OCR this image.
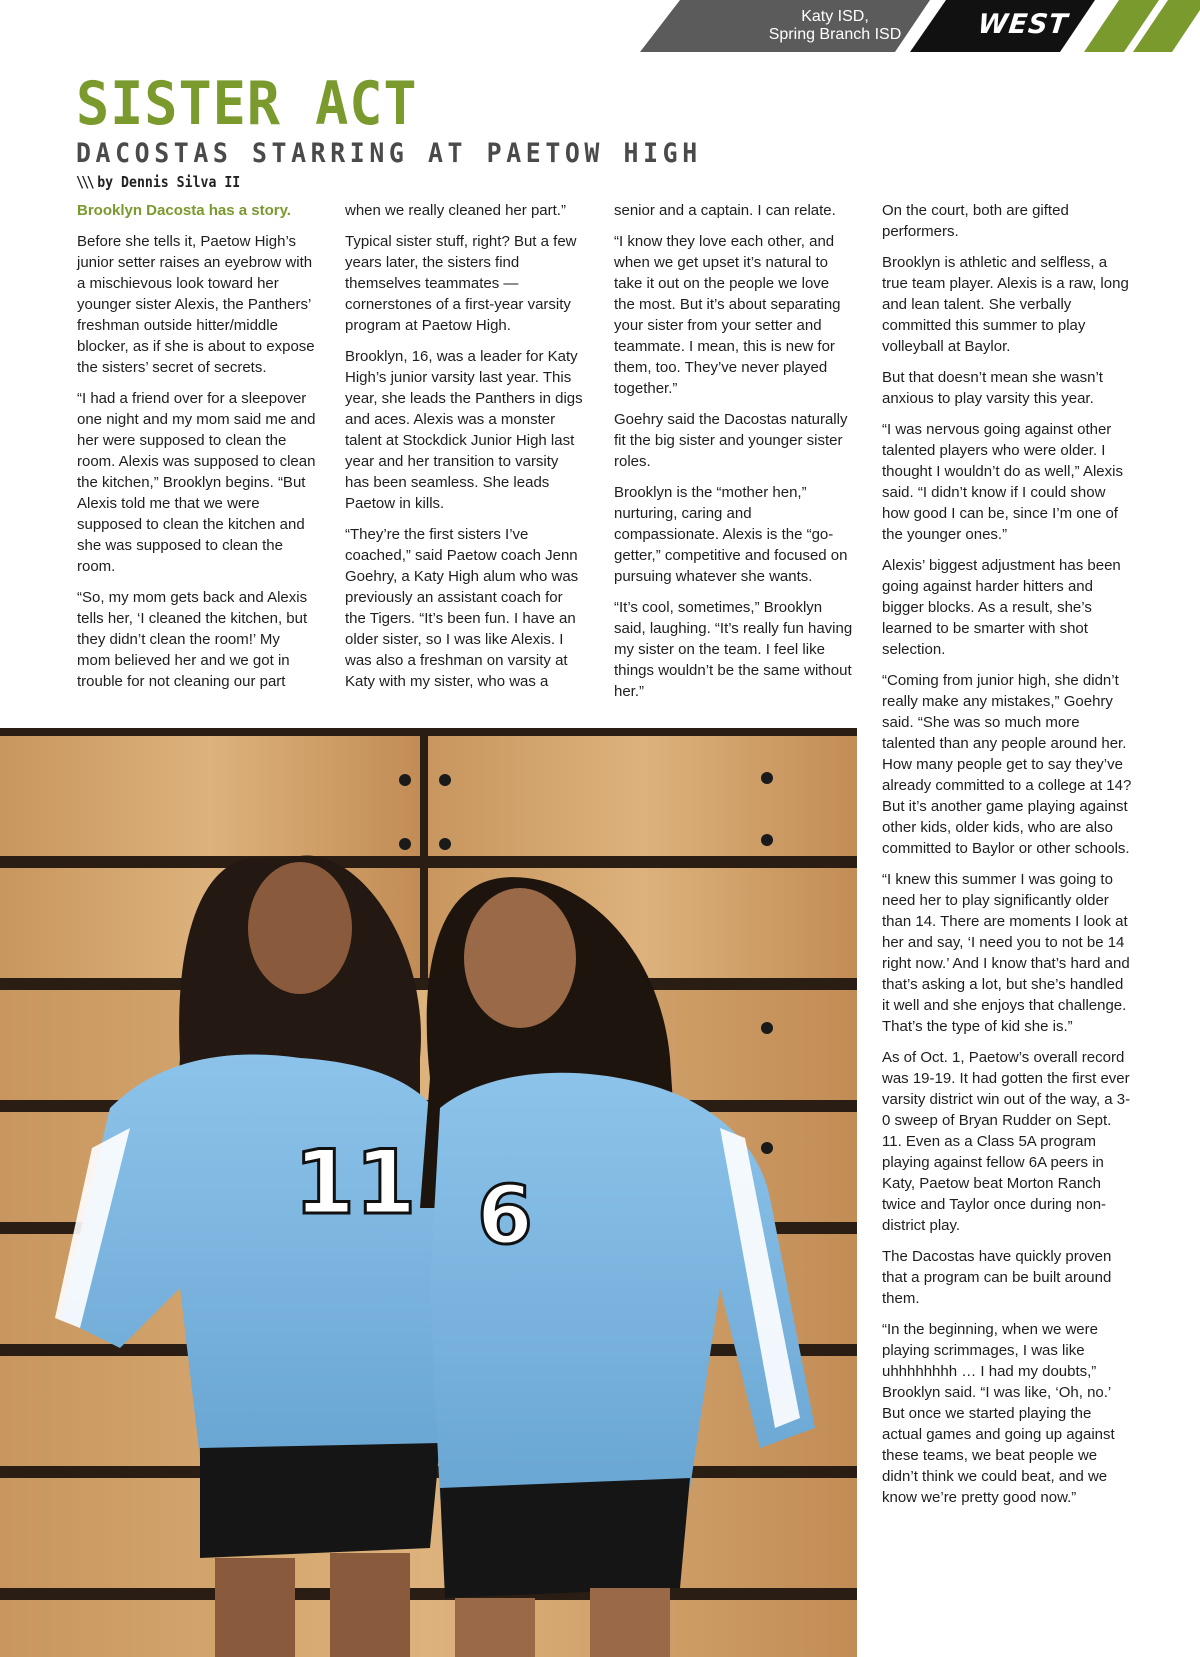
Katy ISD,
Spring Branch ISD	WEST
SISTER ACT
DACOSTAS STARRING AT PAETOW HIGH
\\\ by Dennis Silva II

Brooklyn Dacosta has a story.

Before she tells it, Paetow High’s junior setter raises an eyebrow with a mischievous look toward her younger sister Alexis, the Panthers’ freshman outside hitter/middle blocker, as if she is about to expose the sisters’ secret of secrets.

“I had a friend over for a sleepover one night and my mom said me and her were supposed to clean the room. Alexis was supposed to clean the kitchen,” Brooklyn begins. “But Alexis told me that we were supposed to clean the kitchen and she was supposed to clean the room.

“So, my mom gets back and Alexis tells her, ‘I cleaned the kitchen, but they didn’t clean the room!’ My mom believed her and we got in trouble for not cleaning our part

when we really cleaned her part.”

Typical sister stuff, right? But a few years later, the sisters find themselves teammates — cornerstones of a first-year varsity program at Paetow High.

Brooklyn, 16, was a leader for Katy High’s junior varsity last year. This year, she leads the Panthers in digs and aces. Alexis was a monster talent at Stockdick Junior High last year and her transition to varsity has been seamless. She leads Paetow in kills.

“They’re the first sisters I’ve coached,” said Paetow coach Jenn Goehry, a Katy High alum who was previously an assistant coach for the Tigers. “It’s been fun. I have an older sister, so I was like Alexis. I was also a freshman on varsity at Katy with my sister, who was a

senior and a captain. I can relate.

“I know they love each other, and when we get upset it’s natural to take it out on the people we love the most. But it’s about separating your sister from your setter and teammate. I mean, this is new for them, too. They’ve never played together.”

Goehry said the Dacostas naturally fit the big sister and younger sister roles.

Brooklyn is the “mother hen,” nurturing, caring and compassionate. Alexis is the “go-getter,” competitive and focused on pursuing whatever she wants.

“It’s cool, sometimes,” Brooklyn said, laughing. “It’s really fun having my sister on the team. I feel like things wouldn’t be the same without her.”

On the court, both are gifted performers.

Brooklyn is athletic and selfless, a true team player. Alexis is a raw, long and lean talent. She verbally committed this summer to play volleyball at Baylor.

But that doesn’t mean she wasn’t anxious to play varsity this year.

“I was nervous going against other talented players who were older. I thought I wouldn’t do as well,” Alexis said. “I didn’t know if I could show how good I can be, since I’m one of the younger ones.”

Alexis’ biggest adjustment has been going against harder hitters and bigger blocks. As a result, she’s learned to be smarter with shot selection.

“Coming from junior high, she didn’t really make any mistakes,” Goehry said. “She was so much more talented than any people around her. How many people get to say they’ve already committed to a college at 14? But it’s another game playing against other kids, older kids, who are also committed to Baylor or other schools.

“I knew this summer I was going to need her to play significantly older than 14. There are moments I look at her and say, ‘I need you to not be 14 right now.’ And I know that’s hard and that’s asking a lot, but she’s handled it well and she enjoys that challenge. That’s the type of kid she is.”

As of Oct. 1, Paetow’s overall record was 19-19. It had gotten the first ever varsity district win out of the way, a 3-0 sweep of Bryan Rudder on Sept. 11. Even as a Class 5A program playing against fellow 6A peers in Katy, Paetow beat Morton Ranch twice and Taylor once during non-district play.

The Dacostas have quickly proven that a program can be built around them.

“In the beginning, when we were playing scrimmages, I was like uhhhhhhhh … I had my doubts,” Brooklyn said. “I was like, ‘Oh, no.’ But once we started playing the actual games and going up against these teams, we beat people we didn’t think we could beat, and we know we’re pretty good now.”

11 6
